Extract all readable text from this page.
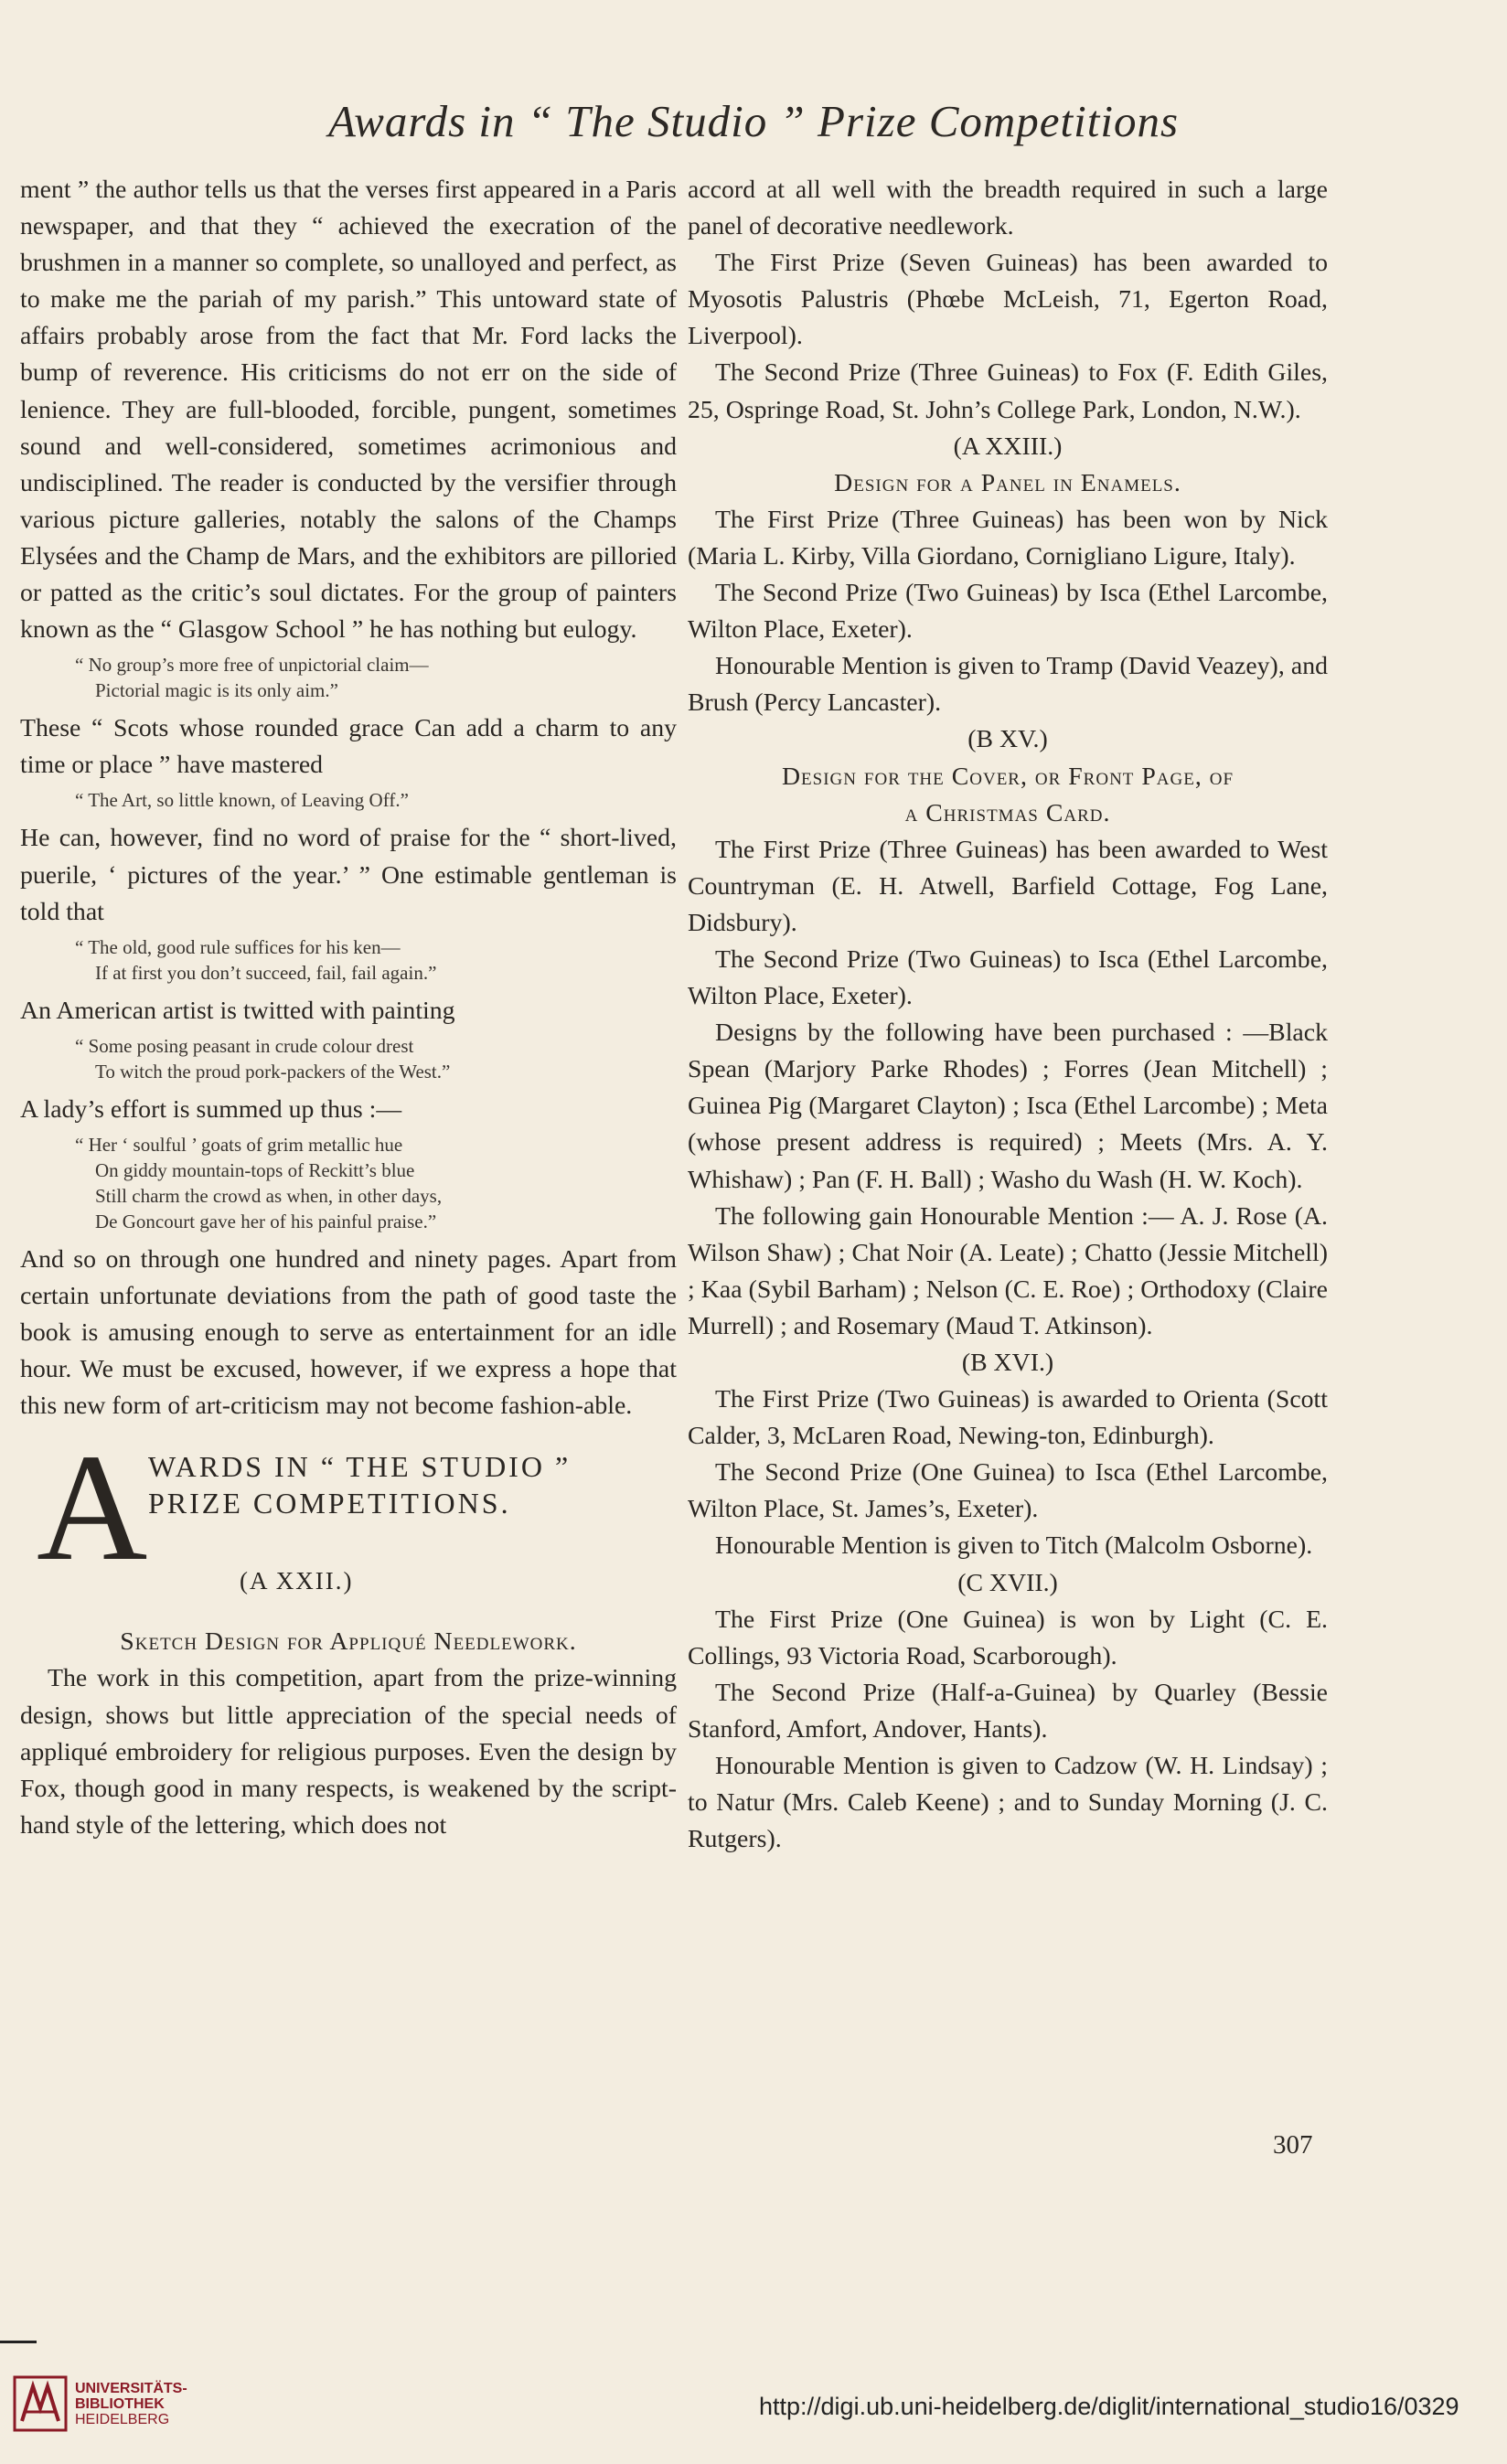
Awards in “ The Studio ” Prize Competitions

ment ” the author tells us that the verses first appeared in a Paris newspaper, and that they “ achieved the execration of the brushmen in a manner so complete, so unalloyed and perfect, as to make me the pariah of my parish.” This untoward state of affairs probably arose from the fact that Mr. Ford lacks the bump of reverence. His criticisms do not err on the side of lenience. They are full-blooded, forcible, pungent, sometimes sound and well-considered, sometimes acrimonious and undisciplined. The reader is conducted by the versifier through various picture galleries, notably the salons of the Champs Elysées and the Champ de Mars, and the exhibitors are pilloried or patted as the critic’s soul dictates. For the group of painters known as the “ Glasgow School ” he has nothing but eulogy.

“ No group’s more free of unpictorial claim—
Pictorial magic is its only aim.”

These “ Scots whose rounded grace Can add a charm to any time or place ” have mastered

“ The Art, so little known, of Leaving Off.”

He can, however, find no word of praise for the “ short-lived, puerile, ‘ pictures of the year.’ ” One estimable gentleman is told that

“ The old, good rule suffices for his ken—
If at first you don’t succeed, fail, fail again.”

An American artist is twitted with painting

“ Some posing peasant in crude colour drest
To witch the proud pork-packers of the West.”

A lady’s effort is summed up thus :—

“ Her ‘ soulful ’ goats of grim metallic hue
On giddy mountain-tops of Reckitt’s blue
Still charm the crowd as when, in other days,
De Goncourt gave her of his painful praise.”

And so on through one hundred and ninety pages. Apart from certain unfortunate deviations from the path of good taste the book is amusing enough to serve as entertainment for an idle hour. We must be excused, however, if we express a hope that this new form of art-criticism may not become fashion-able.

A WARDS IN “ THE STUDIO ”
PRIZE COMPETITIONS.
(A XXII.)

Sketch Design for Appliqué Needlework.

The work in this competition, apart from the prize-winning design, shows but little appreciation of the special needs of appliqué embroidery for religious purposes. Even the design by Fox, though good in many respects, is weakened by the script-hand style of the lettering, which does not

accord at all well with the breadth required in such a large panel of decorative needlework.

The First Prize (Seven Guineas) has been awarded to Myosotis Palustris (Phœbe McLeish, 71, Egerton Road, Liverpool).

The Second Prize (Three Guineas) to Fox (F. Edith Giles, 25, Ospringe Road, St. John’s College Park, London, N.W.).

(A XXIII.)

Design for a Panel in Enamels.

The First Prize (Three Guineas) has been won by Nick (Maria L. Kirby, Villa Giordano, Cornigliano Ligure, Italy).

The Second Prize (Two Guineas) by Isca (Ethel Larcombe, Wilton Place, Exeter).

Honourable Mention is given to Tramp (David Veazey), and Brush (Percy Lancaster).

(B XV.)

Design for the Cover, or Front Page, of

a Christmas Card.

The First Prize (Three Guineas) has been awarded to West Countryman (E. H. Atwell, Barfield Cottage, Fog Lane, Didsbury).

The Second Prize (Two Guineas) to Isca (Ethel Larcombe, Wilton Place, Exeter).

Designs by the following have been purchased : —Black Spean (Marjory Parke Rhodes) ; Forres (Jean Mitchell) ; Guinea Pig (Margaret Clayton) ; Isca (Ethel Larcombe) ; Meta (whose present address is required) ; Meets (Mrs. A. Y. Whishaw) ; Pan (F. H. Ball) ; Washo du Wash (H. W. Koch).

The following gain Honourable Mention :— A. J. Rose (A. Wilson Shaw) ; Chat Noir (A. Leate) ; Chatto (Jessie Mitchell) ; Kaa (Sybil Barham) ; Nelson (C. E. Roe) ; Orthodoxy (Claire Murrell) ; and Rosemary (Maud T. Atkinson).

(B XVI.)

The First Prize (Two Guineas) is awarded to Orienta (Scott Calder, 3, McLaren Road, Newing-ton, Edinburgh).

The Second Prize (One Guinea) to Isca (Ethel Larcombe, Wilton Place, St. James’s, Exeter).

Honourable Mention is given to Titch (Malcolm Osborne).

(C XVII.)

The First Prize (One Guinea) is won by Light (C. E. Collings, 93 Victoria Road, Scarborough).

The Second Prize (Half-a-Guinea) by Quarley (Bessie Stanford, Amfort, Andover, Hants).

Honourable Mention is given to Cadzow (W. H. Lindsay) ; to Natur (Mrs. Caleb Keene) ; and to Sunday Morning (J. C. Rutgers).

307
UNIVERSITÄTS-
BIBLIOTHEK
HEIDELBERG	http://digi.ub.uni-heidelberg.de/diglit/international_studio16/0329
